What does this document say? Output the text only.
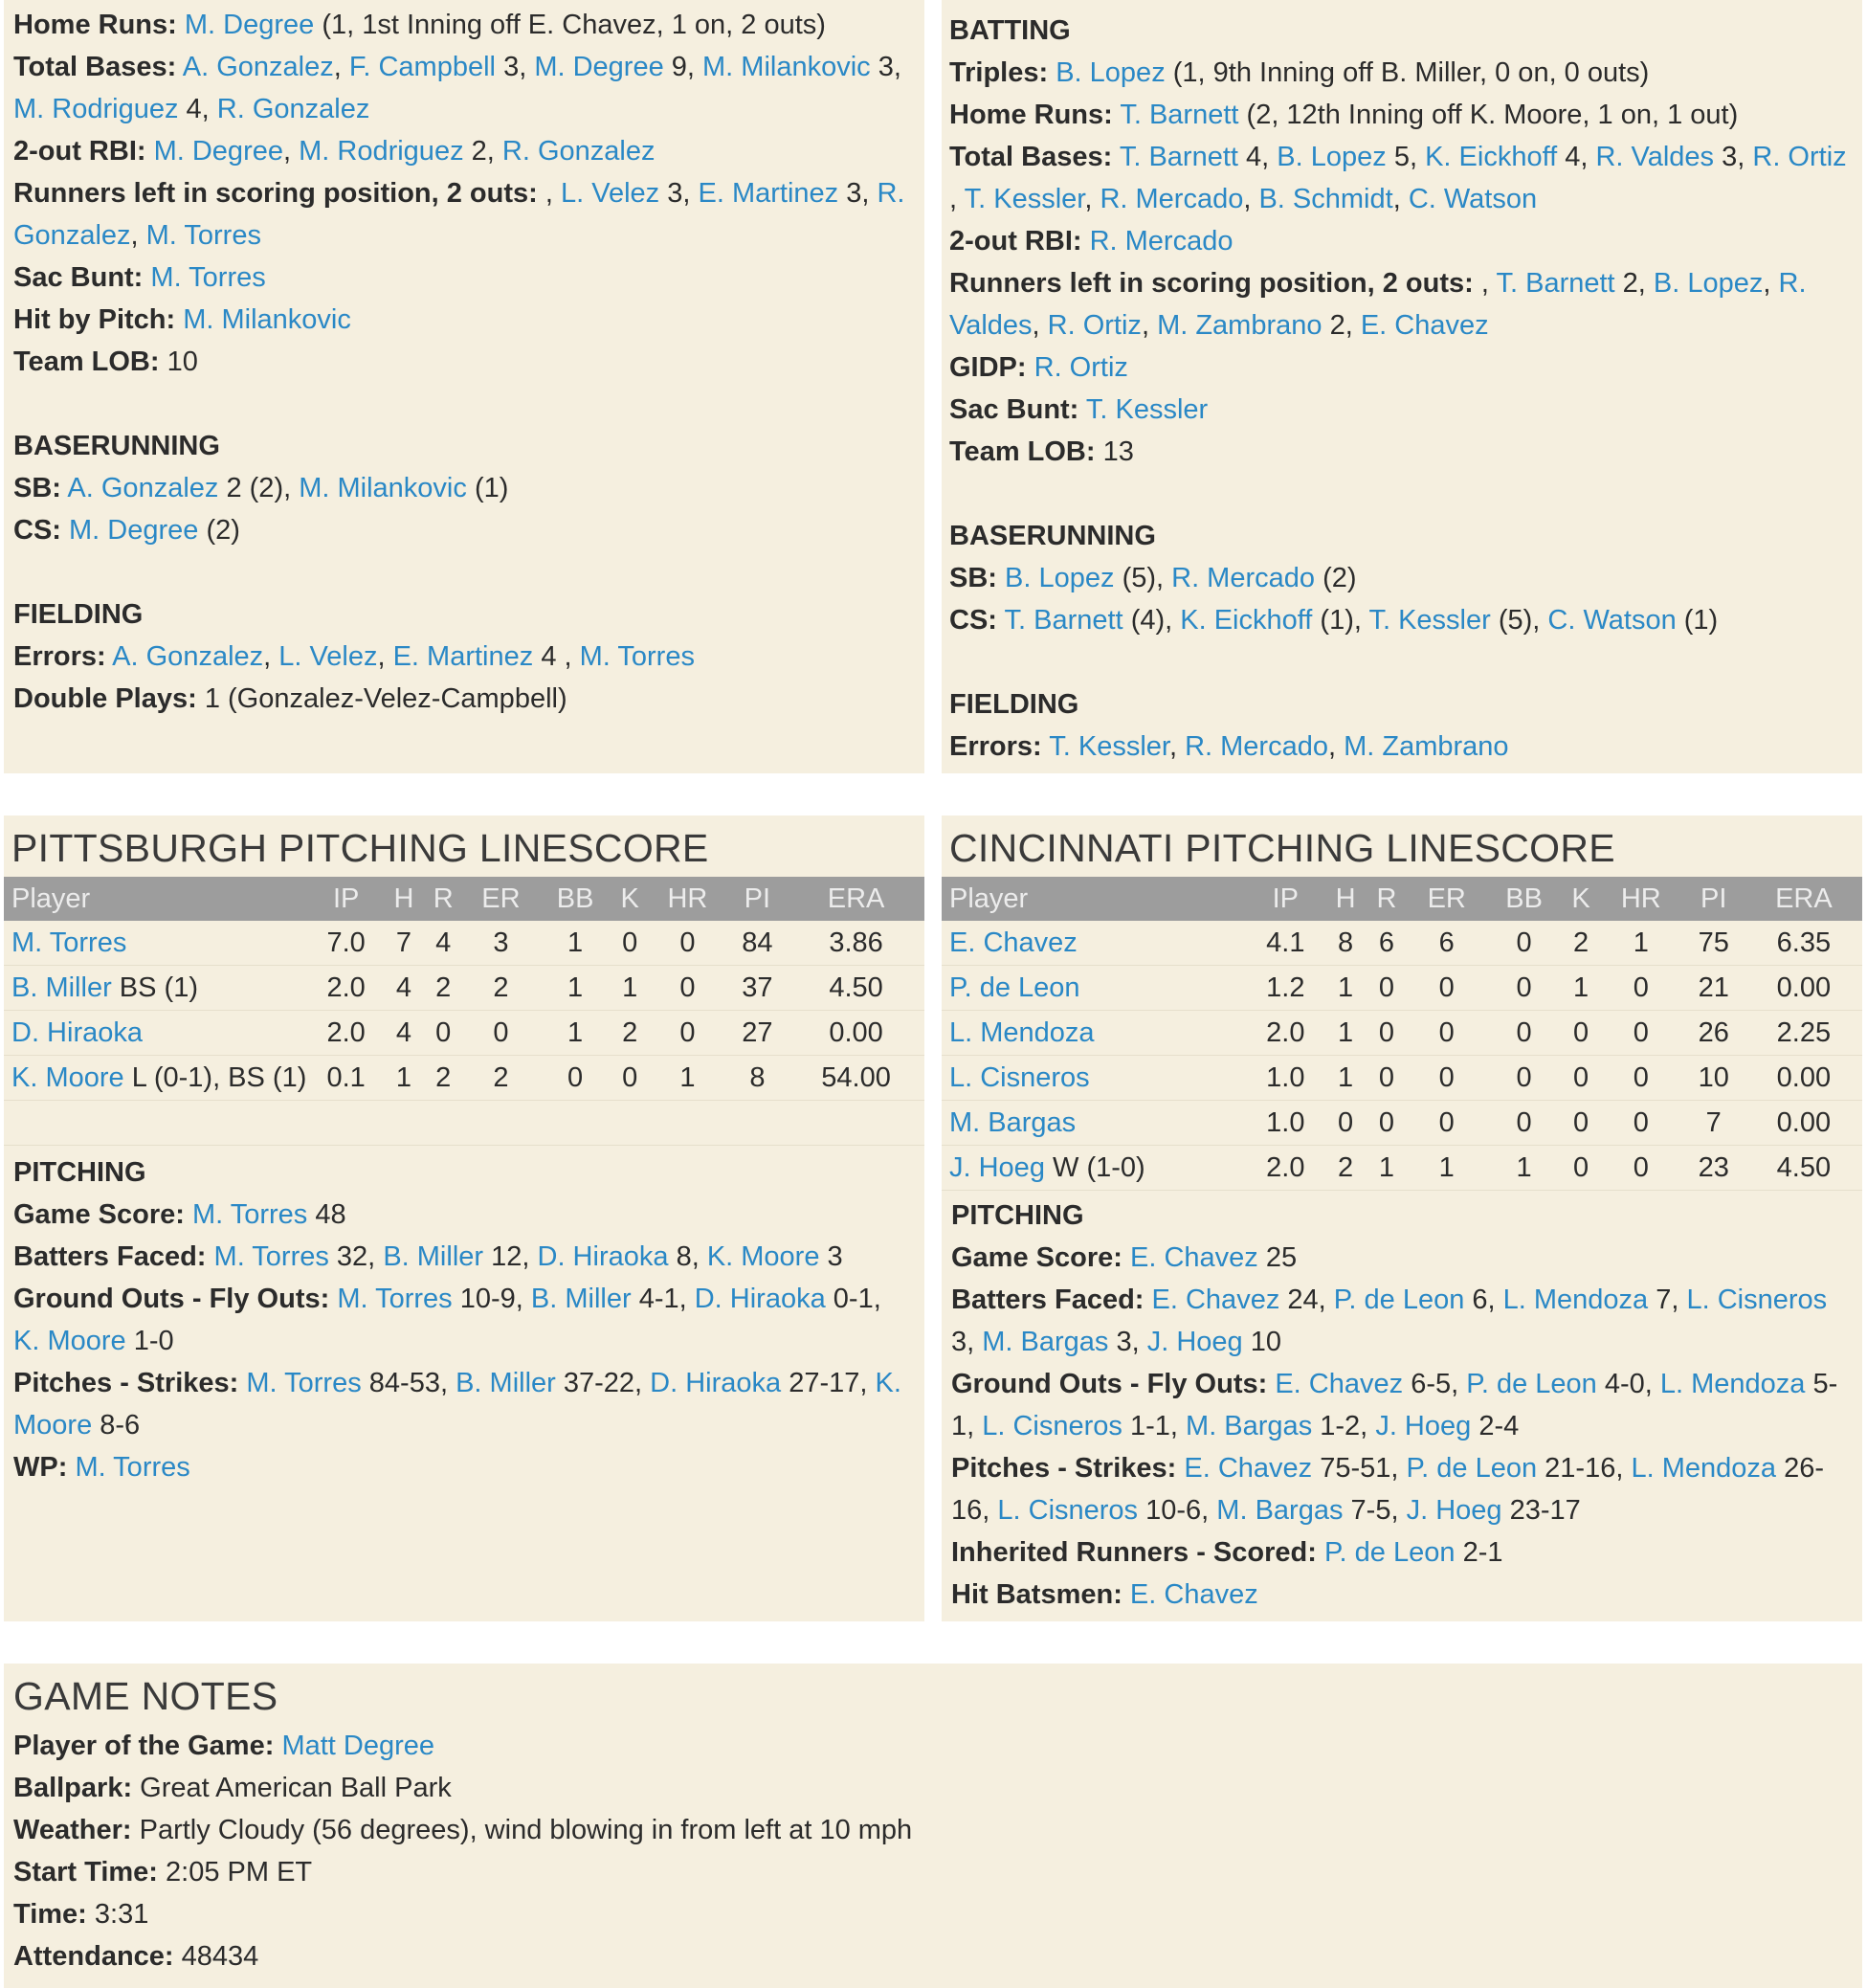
Home Runs: M. Degree (1, 1st Inning off E. Chavez, 1 on, 2 outs)
Total Bases: A. Gonzalez, F. Campbell 3, M. Degree 9, M. Milankovic 3, M. Rodriguez 4, R. Gonzalez
2-out RBI: M. Degree, M. Rodriguez 2, R. Gonzalez
Runners left in scoring position, 2 outs: , L. Velez 3, E. Martinez 3, R. Gonzalez, M. Torres
Sac Bunt: M. Torres
Hit by Pitch: M. Milankovic
Team LOB: 10
BASERUNNING
SB: A. Gonzalez 2 (2), M. Milankovic (1)
CS: M. Degree (2)
FIELDING
Errors: A. Gonzalez, L. Velez, E. Martinez 4 , M. Torres
Double Plays: 1 (Gonzalez-Velez-Campbell)
BATTING
Triples: B. Lopez (1, 9th Inning off B. Miller, 0 on, 0 outs)
Home Runs: T. Barnett (2, 12th Inning off K. Moore, 1 on, 1 out)
Total Bases: T. Barnett 4, B. Lopez 5, K. Eickhoff 4, R. Valdes 3, R. Ortiz , T. Kessler, R. Mercado, B. Schmidt, C. Watson
2-out RBI: R. Mercado
Runners left in scoring position, 2 outs: , T. Barnett 2, B. Lopez, R. Valdes, R. Ortiz, M. Zambrano 2, E. Chavez
GIDP: R. Ortiz
Sac Bunt: T. Kessler
Team LOB: 13
BASERUNNING
SB: B. Lopez (5), R. Mercado (2)
CS: T. Barnett (4), K. Eickhoff (1), T. Kessler (5), C. Watson (1)
FIELDING
Errors: T. Kessler, R. Mercado, M. Zambrano
PITTSBURGH PITCHING LINESCORE
Player	IP	H	R	ER	BB	K	HR	PI	ERA
M. Torres	7.0	7	4	3	1	0	0	84	3.86
B. Miller BS (1)	2.0	4	2	2	1	1	0	37	4.50
D. Hiraoka	2.0	4	0	0	1	2	0	27	0.00
K. Moore L (0-1), BS (1)	0.1	1	2	2	0	0	1	8	54.00

PITCHING
Game Score: M. Torres 48
Batters Faced: M. Torres 32, B. Miller 12, D. Hiraoka 8, K. Moore 3
Ground Outs - Fly Outs: M. Torres 10-9, B. Miller 4-1, D. Hiraoka 0-1, K. Moore 1-0
Pitches - Strikes: M. Torres 84-53, B. Miller 37-22, D. Hiraoka 27-17, K. Moore 8-6
WP: M. Torres
CINCINNATI PITCHING LINESCORE
Player	IP	H	R	ER	BB	K	HR	PI	ERA
E. Chavez	4.1	8	6	6	0	2	1	75	6.35
P. de Leon	1.2	1	0	0	0	1	0	21	0.00
L. Mendoza	2.0	1	0	0	0	0	0	26	2.25
L. Cisneros	1.0	1	0	0	0	0	0	10	0.00
M. Bargas	1.0	0	0	0	0	0	0	7	0.00
J. Hoeg W (1-0)	2.0	2	1	1	1	0	0	23	4.50
PITCHING
Game Score: E. Chavez 25
Batters Faced: E. Chavez 24, P. de Leon 6, L. Mendoza 7, L. Cisneros 3, M. Bargas 3, J. Hoeg 10
Ground Outs - Fly Outs: E. Chavez 6-5, P. de Leon 4-0, L. Mendoza 5-1, L. Cisneros 1-1, M. Bargas 1-2, J. Hoeg 2-4
Pitches - Strikes: E. Chavez 75-51, P. de Leon 21-16, L. Mendoza 26-16, L. Cisneros 10-6, M. Bargas 7-5, J. Hoeg 23-17
Inherited Runners - Scored: P. de Leon 2-1
Hit Batsmen: E. Chavez
GAME NOTES
Player of the Game: Matt Degree
Ballpark: Great American Ball Park
Weather: Partly Cloudy (56 degrees), wind blowing in from left at 10 mph
Start Time: 2:05 PM ET
Time: 3:31
Attendance: 48434
